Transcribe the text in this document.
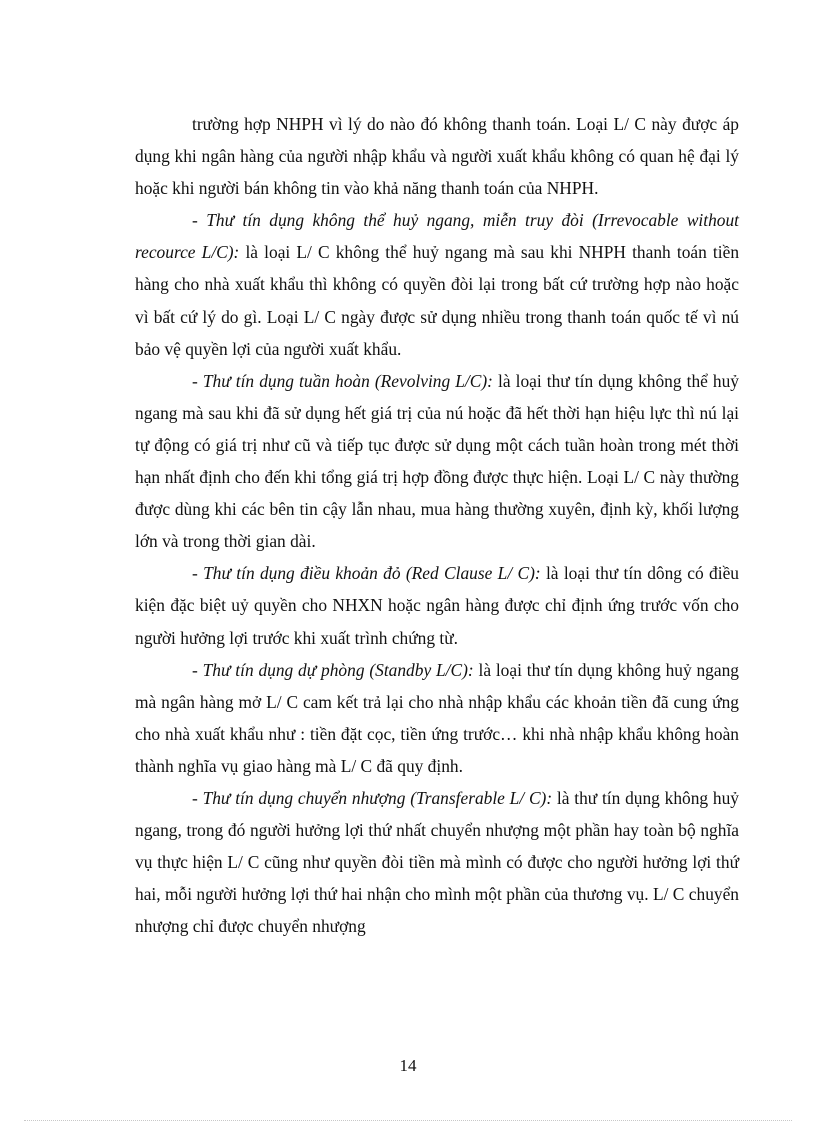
trường hợp NHPH vì lý do nào đó không thanh toán. Loại L/ C này được áp dụng khi ngân hàng của người nhập khẩu và người xuất khẩu không có quan hệ đại lý hoặc khi người bán không tin vào khả năng thanh toán của NHPH.

- Thư tín dụng không thể huỷ ngang, miễn truy đòi (Irrevocable without recource L/C): là loại L/ C không thể huỷ ngang mà sau khi NHPH thanh toán tiền hàng cho nhà xuất khẩu thì không có quyền đòi lại trong bất cứ trường hợp nào hoặc vì bất cứ lý do gì. Loại L/ C ngày được sử dụng nhiều trong thanh toán quốc tế vì nú bảo vệ quyền lợi của người xuất khẩu.

- Thư tín dụng tuần hoàn (Revolving L/C): là loại thư tín dụng không thể huỷ ngang mà sau khi đã sử dụng hết giá trị của nú hoặc đã hết thời hạn hiệu lực thì nú lại tự động có giá trị như cũ và tiếp tục được sử dụng một cách tuần hoàn trong mét thời hạn nhất định cho đến khi tổng giá trị hợp đồng được thực hiện. Loại L/ C này thường được dùng khi các bên tin cậy lẫn nhau, mua hàng thường xuyên, định kỳ, khối lượng lớn và trong thời gian dài.

- Thư tín dụng điều khoản đỏ (Red Clause L/ C): là loại thư tín dông có điều kiện đặc biệt uỷ quyền cho NHXN hoặc ngân hàng được chỉ định ứng trước vốn cho người hưởng lợi trước khi xuất trình chứng từ.

- Thư tín dụng dự phòng (Standby L/C): là loại thư tín dụng không huỷ ngang mà ngân hàng mở L/ C cam kết trả lại cho nhà nhập khẩu các khoản tiền đã cung ứng cho nhà xuất khẩu như : tiền đặt cọc, tiền ứng trước… khi nhà nhập khẩu không hoàn thành nghĩa vụ giao hàng mà L/ C đã quy định.

- Thư tín dụng chuyển nhượng (Transferable L/ C): là thư tín dụng không huỷ ngang, trong đó người hưởng lợi thứ nhất chuyển nhượng một phần hay toàn bộ nghĩa vụ thực hiện L/ C cũng như quyền đòi tiền mà mình có được cho người hưởng lợi thứ hai, mỗi người hưởng lợi thứ hai nhận cho mình một phần của thương vụ. L/ C chuyển nhượng chỉ được chuyển nhượng

14
